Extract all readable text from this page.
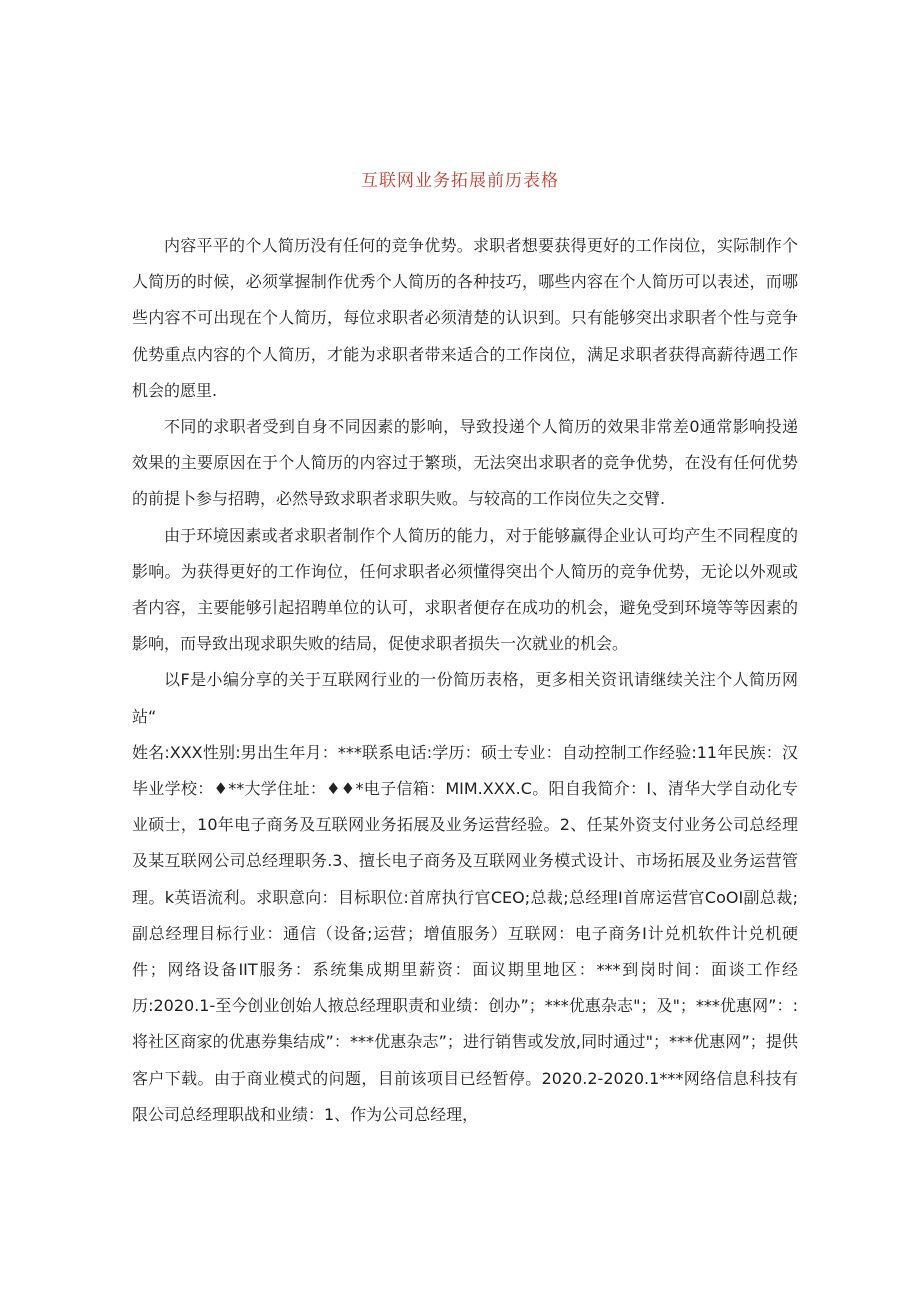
互联网业务拓展前历表格

内容平平的个人简历没有任何的竞争优势。求职者想要获得更好的工作岗位，实际制作个人简历的时候，必须掌握制作优秀个人简历的各种技巧，哪些内容在个人简历可以表述，而哪些内容不可出现在个人简历，每位求职者必须清楚的认识到。只有能够突出求职者个性与竞争优势重点内容的个人简历，才能为求职者带来适合的工作岗位，满足求职者获得高薪待遇工作机会的愿里.

不同的求职者受到自身不同因素的影响，导致投递个人简历的效果非常差0通常影响投递效果的主要原因在于个人简历的内容过于繁琐，无法突出求职者的竞争优势，在没有任何优势的前提卜参与招聘，必然导致求职者求职失败。与较高的工作岗位失之交臂.

由于环境因素或者求职者制作个人简历的能力，对于能够赢得企业认可均产生不同程度的影响。为获得更好的工作询位，任何求职者必须懂得突出个人简历的竞争优势，无论以外观或者内容，主要能够引起招聘单位的认可，求职者便存在成功的机会，避免受到环境等等因素的影响，而导致出现求职失败的结局，促使求职者损失一次就业的机会。

以F是小编分享的关于互联网行业的一份简历表格，更多相关资讯请继续关注个人简历网站“

姓名:XXX性别:男出生年月：***联系电话:学历：硕士专业：自动控制工作经验:11年民族：汉毕业学校：♦**大学住址：♦♦*电子信箱：MIM.XXX.C。阳自我简介：I、清华大学自动化专业硕士，10年电子商务及互联网业务拓展及业务运营经验。2、任某外资支付业务公司总经理及某互联网公司总经理职务.3、擅长电子商务及互联网业务模式设计、市场拓展及业务运营管理。k英语流利。求职意向：目标职位:首席执行官CEO;总裁;总经理I首席运营官CoOI副总裁;副总经理目标行业：通信（设备;运营；增值服务）互联网：电子商务I计兑机软件计兑机硬件；网络设备IIT服务：系统集成期里薪资：面议期里地区：***到岗时间：面谈工作经历:2020.1-至今创业创始人掖总经理职责和业绩：创办”；***优惠杂志"；及"；***优惠网”：:将社区商家的优惠券集结成”：***优惠杂志”；进行销售或发放,同时通过"；***优惠网”；提供客户下载。由于商业模式的问题，目前该项目已经暂停。2020.2-2020.1***网络信息科技有限公司总经理职战和业绩：1、作为公司总经理，
